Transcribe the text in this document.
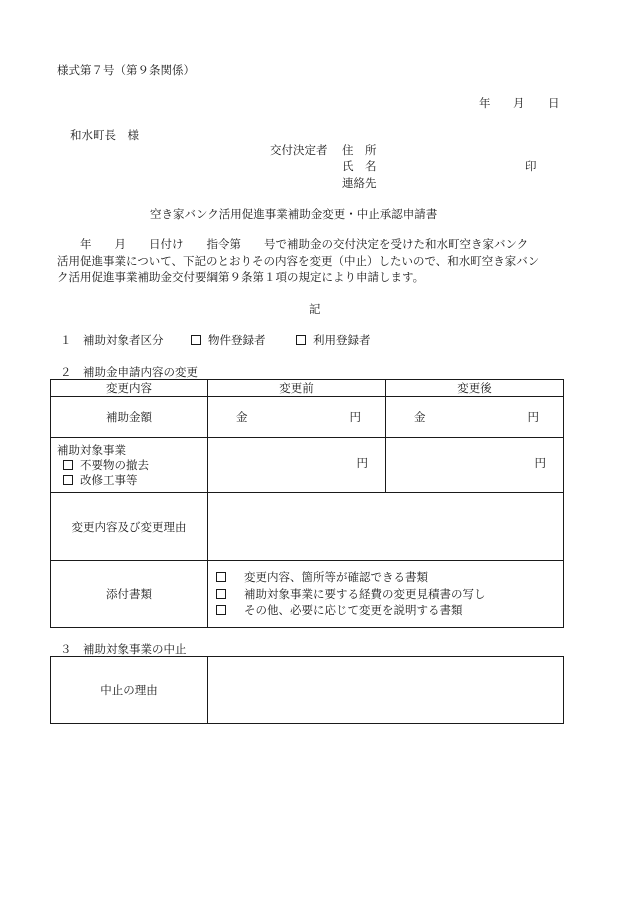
様式第７号（第９条関係）
年 月 日
和水町長　様
交付決定者 住　所
氏　名	印
連絡先
空き家バンク活用促進事業補助金変更・中止承認申請書
　　年　　月　　日付け　　指令第　　号で補助金の交付決定を受けた和水町空き家バンク
活用促進事業について、下記のとおりその内容を変更（中止）したいので、和水町空き家バン
ク活用促進事業補助金交付要綱第９条第１項の規定により申請します。
記
１　補助対象者区分	物件登録者	利用登録者
２　補助金申請内容の変更
変更内容	変更前	変更後
補助金額	金 円	金 円

補助対象事業
不要物の撤去
改修工事等	円	円

変更内容及び変更理由		
添付書類	変更内容、箇所等が確認できる書類
補助対象事業に要する経費の変更見積書の写し
その他、必要に応じて変更を説明する書類	
３　補助対象事業の中止
中止の理由	
